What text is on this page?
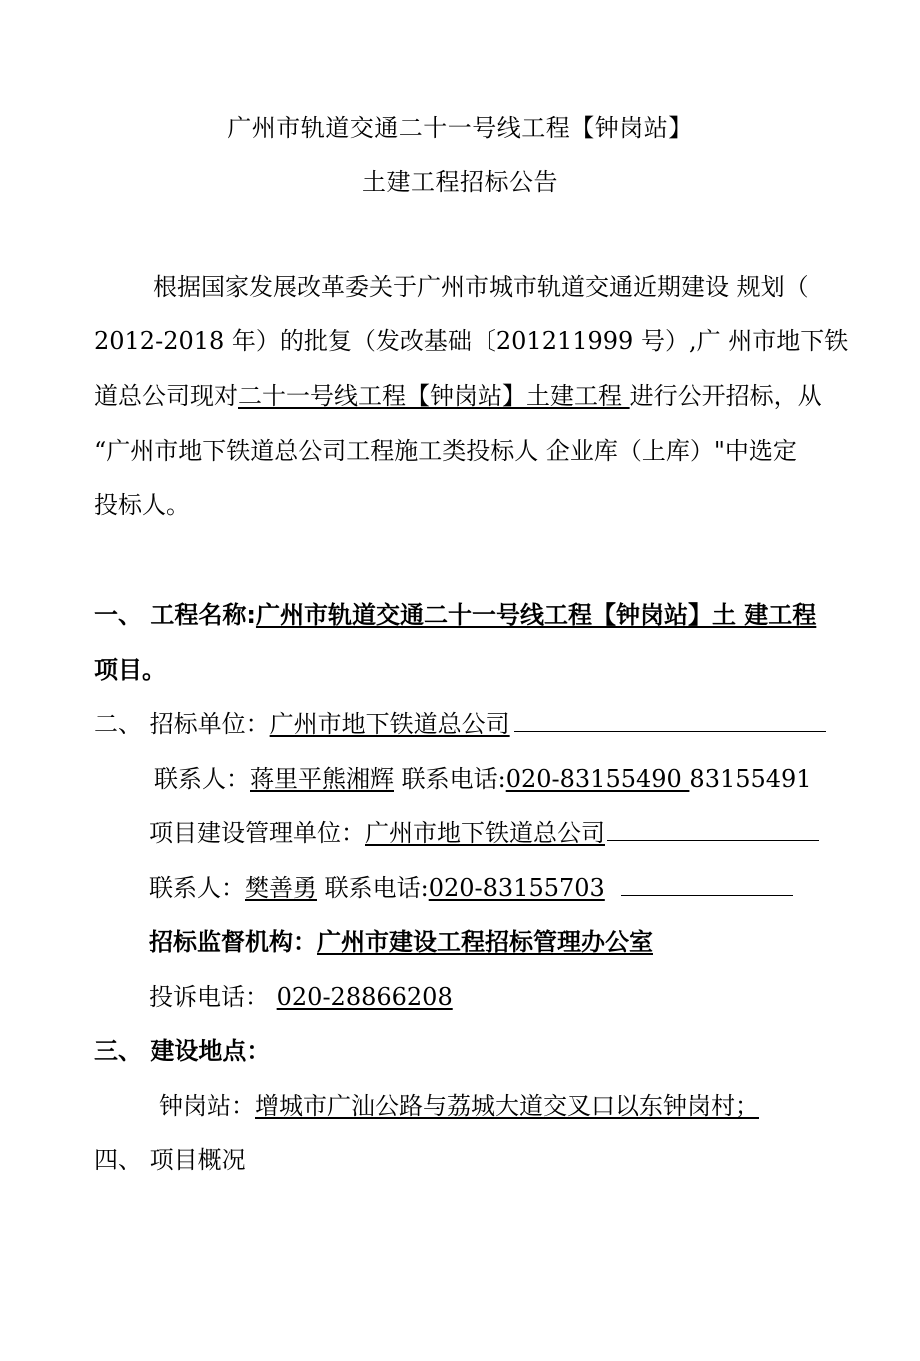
广州市轨道交通二十一号线工程【钟岗站】
土建工程招标公告
根据国家发展改革委关于广州市城市轨道交通近期建设 规划（
2012-2018 年）的批复（发改基础〔201211999 号）,广 州市地下铁
道总公司现对二十一号线工程【钟岗站】土建工程 进行公开招标，从
“广州市地下铁道总公司工程施工类投标人 企业库（上库）"中选定
投标人。
一、 工程名称:广州市轨道交通二十一号线工程【钟岗站】土 建工程
项目。
二、 招标单位：广州市地下铁道总公司
联系人：蒋里平熊湘辉 联系电话:020-83155490 83155491
项目建设管理单位：广州市地下铁道总公司
联系人：樊善勇 联系电话:020-83155703
招标监督机构：广州市建设工程招标管理办公室
投诉电话： 020-28866208
三、 建设地点：
钟岗站：增城市广汕公路与荔城大道交叉口以东钟岗村；
四、 项目概况
